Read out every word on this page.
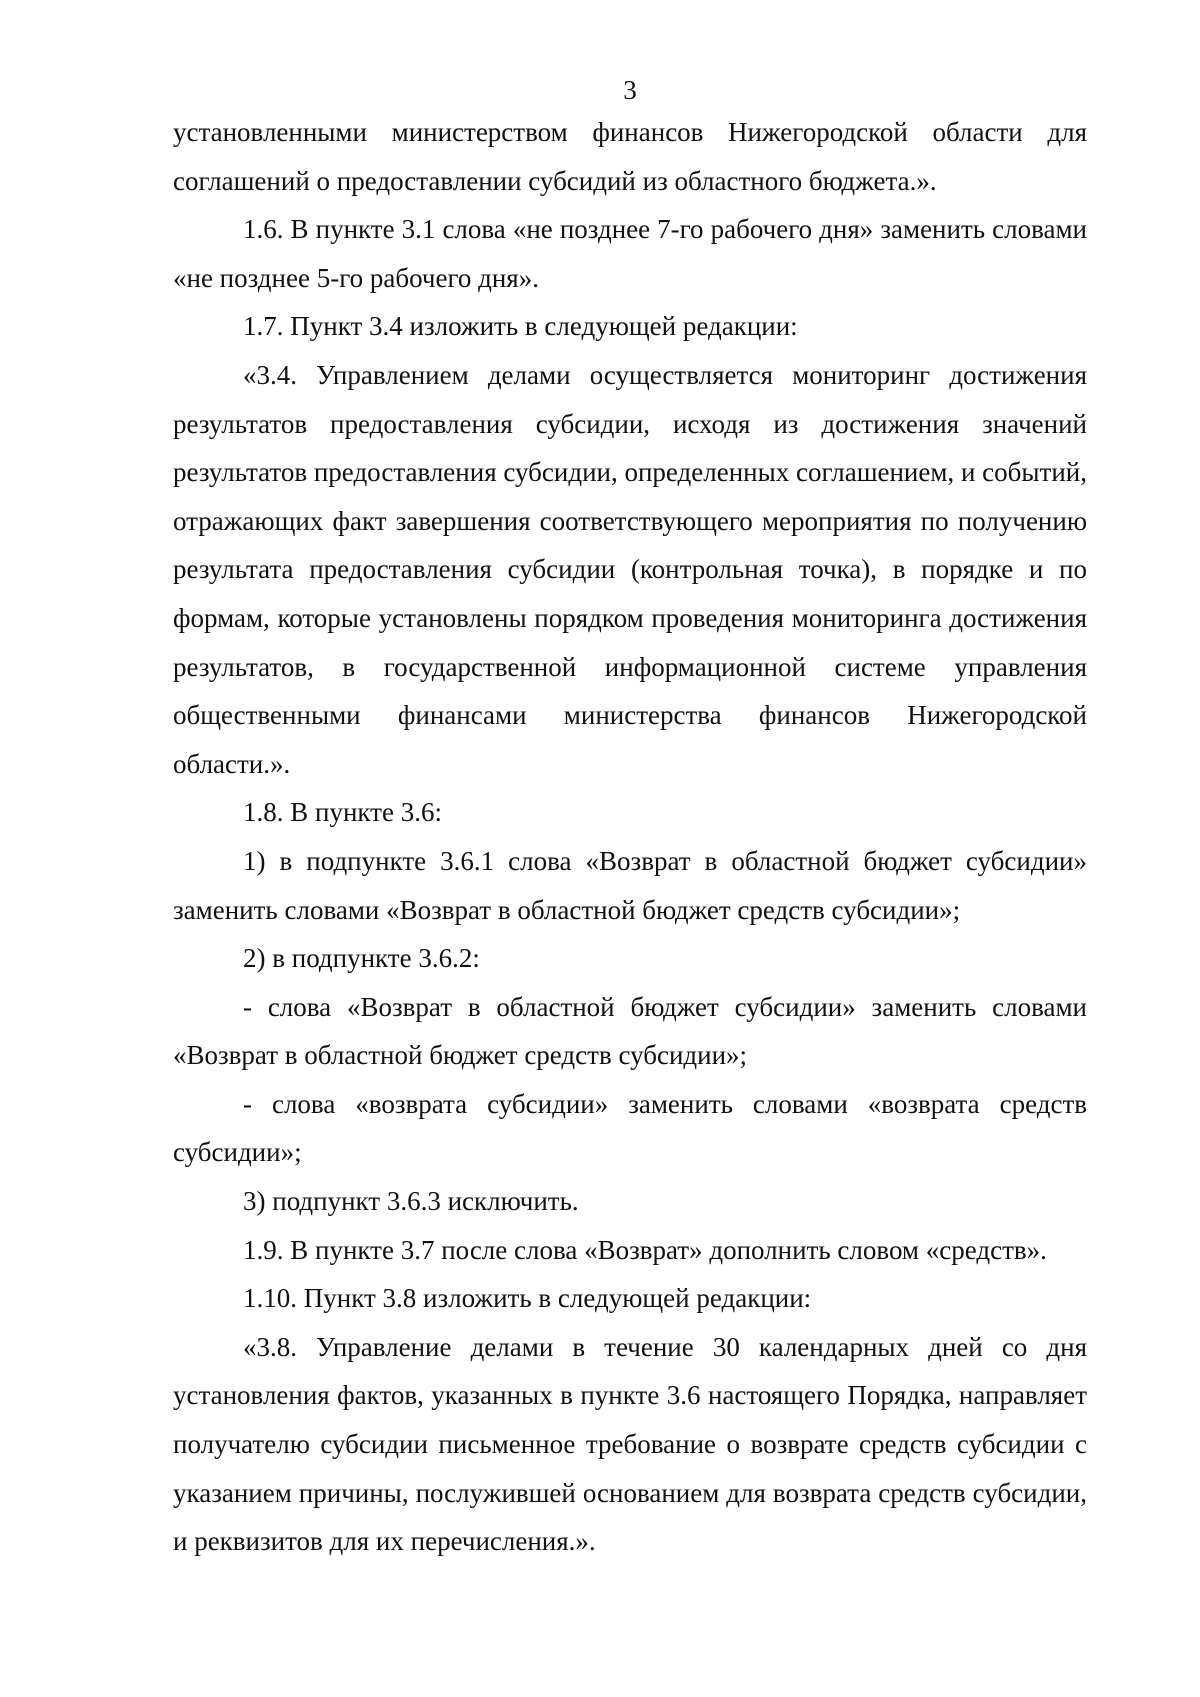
3

установленными министерством финансов Нижегородской области для соглашений о предоставлении субсидий из областного бюджета.».

1.6. В пункте 3.1 слова «не позднее 7-го рабочего дня» заменить словами «не позднее 5-го рабочего дня».

1.7. Пункт 3.4 изложить в следующей редакции:

«3.4. Управлением делами осуществляется мониторинг достижения результатов предоставления субсидии, исходя из достижения значений результатов предоставления субсидии, определенных соглашением, и событий, отражающих факт завершения соответствующего мероприятия по получению результата предоставления субсидии (контрольная точка), в порядке и по формам, которые установлены порядком проведения мониторинга достижения результатов, в государственной информационной системе управления общественными финансами министерства финансов Нижегородской области.».

1.8. В пункте 3.6:

1) в подпункте 3.6.1 слова «Возврат в областной бюджет субсидии» заменить словами «Возврат в областной бюджет средств субсидии»;

2) в подпункте 3.6.2:

- слова «Возврат в областной бюджет субсидии» заменить словами «Возврат в областной бюджет средств субсидии»;

- слова «возврата субсидии» заменить словами «возврата средств субсидии»;

3) подпункт 3.6.3 исключить.

1.9. В пункте 3.7 после слова «Возврат» дополнить словом «средств».

1.10. Пункт 3.8 изложить в следующей редакции:

«3.8. Управление делами в течение 30 календарных дней со дня установления фактов, указанных в пункте 3.6 настоящего Порядка, направляет получателю субсидии письменное требование о возврате средств субсидии с указанием причины, послужившей основанием для возврата средств субсидии, и реквизитов для их перечисления.».
